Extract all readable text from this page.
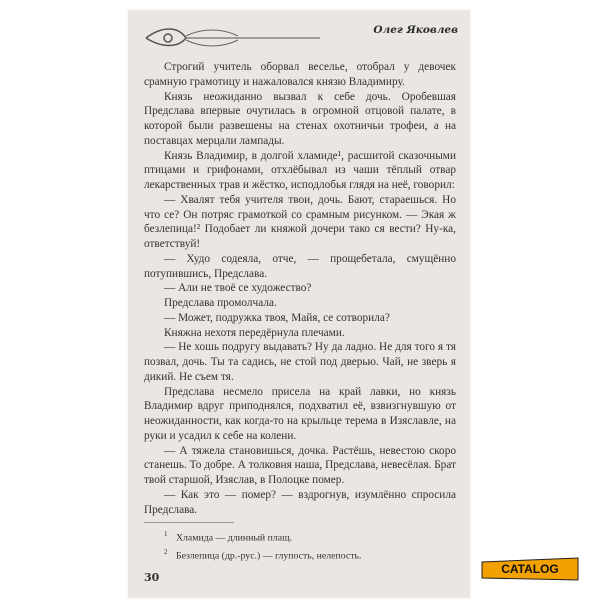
Олег Яковлев

Строгий учитель оборвал веселье, отобрал у девочек срамную грамотицу и нажаловался князю Владимиру.

Князь неожиданно вызвал к себе дочь. Оробевшая Предслава впервые очутилась в огромной отцовой палате, в которой были развешены на стенах охотничьи трофеи, а на поставцах мерцали лампады.

Князь Владимир, в долгой хламиде¹, расшитой сказочными птицами и грифонами, отхлёбывал из чаши тёплый отвар лекарственных трав и жёстко, исподлобья глядя на неё, говорил:

— Хвалят тебя учителя твои, дочь. Бают, стараешься. Но что се? Он потряс грамоткой со срамным рисунком. — Экая ж безлепица!² Подобает ли княжой дочери тако ся вести? Ну-ка, ответствуй!

— Худо содеяла, отче, — прощебетала, смущённо потупившись, Предслава.

— Али не твоё се художество?

Предслава промолчала.

— Может, подружка твоя, Майя, се сотворила?

Княжна нехотя передёрнула плечами.

— Не хошь подругу выдавать? Ну да ладно. Не для того я тя позвал, дочь. Ты та садись, не стой под дверью. Чай, не зверь я дикий. Не съем тя.

Предслава несмело присела на край лавки, но князь Владимир вдруг приподнялся, подхватил её, взвизгнувшую от неожиданности, как когда-то на крыльце терема в Изяславле, на руки и усадил к себе на колени.

— А тяжела становишься, дочка. Растёшь, невестою скоро станешь. То добре. А толковня наша, Предслава, невесёлая. Брат твой старшой, Изяслав, в Полоцке помер.

— Как это — помер? — вздрогнув, изумлённо спросила Предслава.

$^1$ Хламида — длинный плащ.
$^2$ Безлепица (др.-рус.) — глупость, нелепость.
30
CATALOG
